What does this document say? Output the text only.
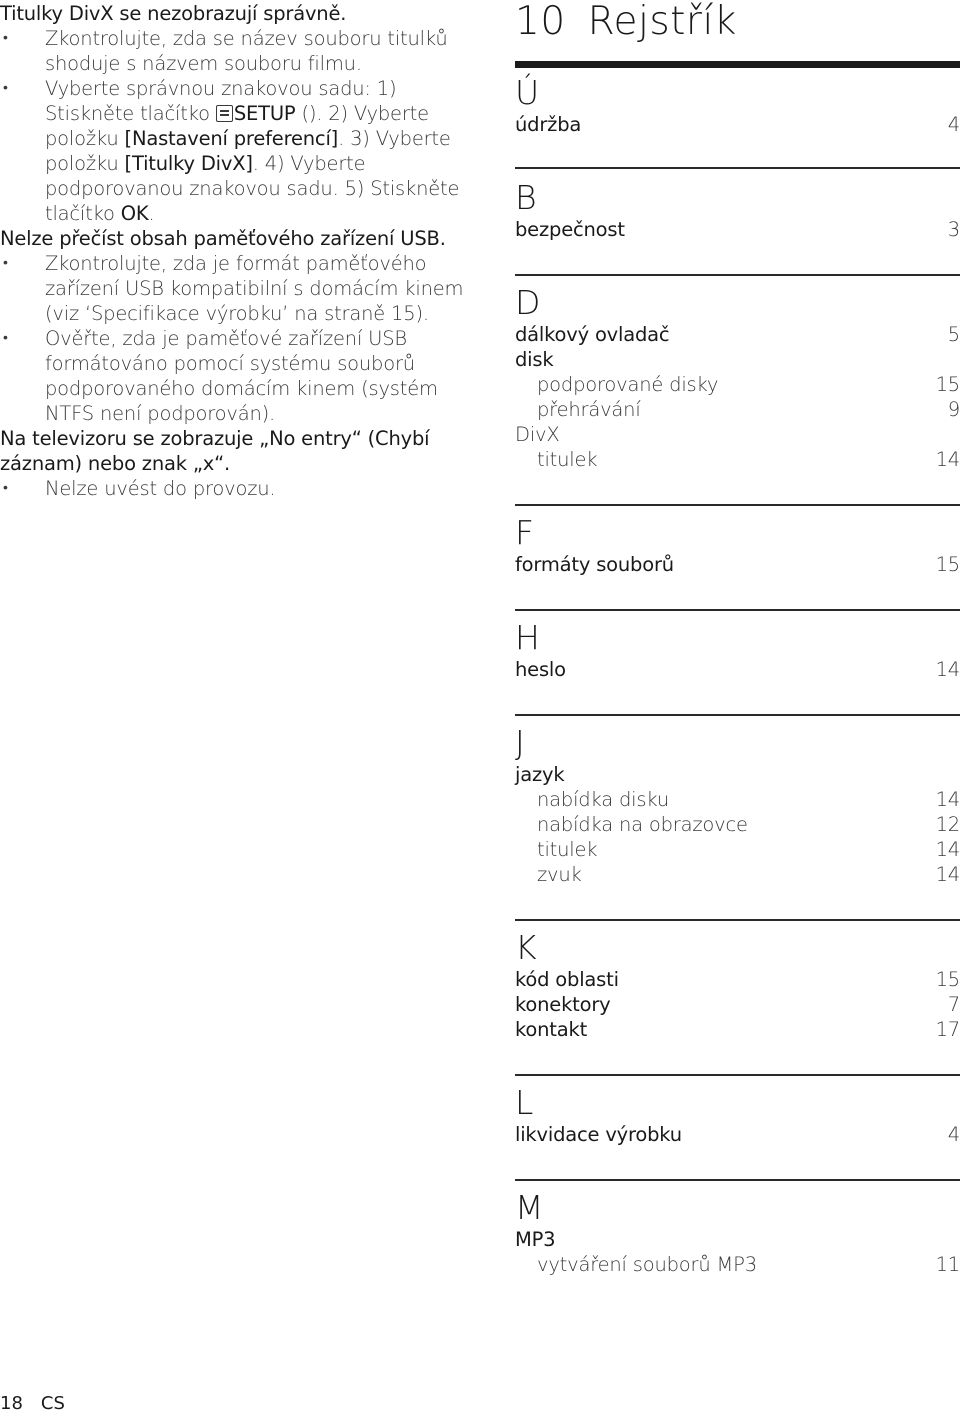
Titulky DivX se nezobrazují správně.

• Zkontrolujte, zda se název souboru titulků shoduje s názvem souboru filmu.
• Vyberte správnou znakovou sadu: 1) Stiskněte tlačítko SETUP (). 2) Vyberte položku [Nastavení preferencí]. 3) Vyberte položku [Titulky DivX]. 4) Vyberte podporovanou znakovou sadu. 5) Stiskněte tlačítko OK.

Nelze přečíst obsah paměťového zařízení USB.

• Zkontrolujte, zda je formát paměťového zařízení USB kompatibilní s domácím kinem (viz ‘Specifikace výrobku’ na straně 15).
• Ověřte, zda je paměťové zařízení USB formátováno pomocí systému souborů podporovaného domácím kinem (systém NTFS není podporován).

Na televizoru se zobrazuje „No entry“ (Chybí záznam) nebo znak „x“.

• Nelze uvést do provozu.
10 Rejstřík
Ú
údržba	4
B
bezpečnost	3
D
dálkový ovladač	5
disk
podporované disky	15
přehrávání	9
DivX
titulek	14
F
formáty souborů	15
H
heslo	14
J
jazyk
nabídka disku	14
nabídka na obrazovce	12
titulek	14
zvuk	14
K
kód oblasti	15
konektory	7
kontakt	17
L
likvidace výrobku	4
M
MP3
vytváření souborů MP3	11
18 CS
